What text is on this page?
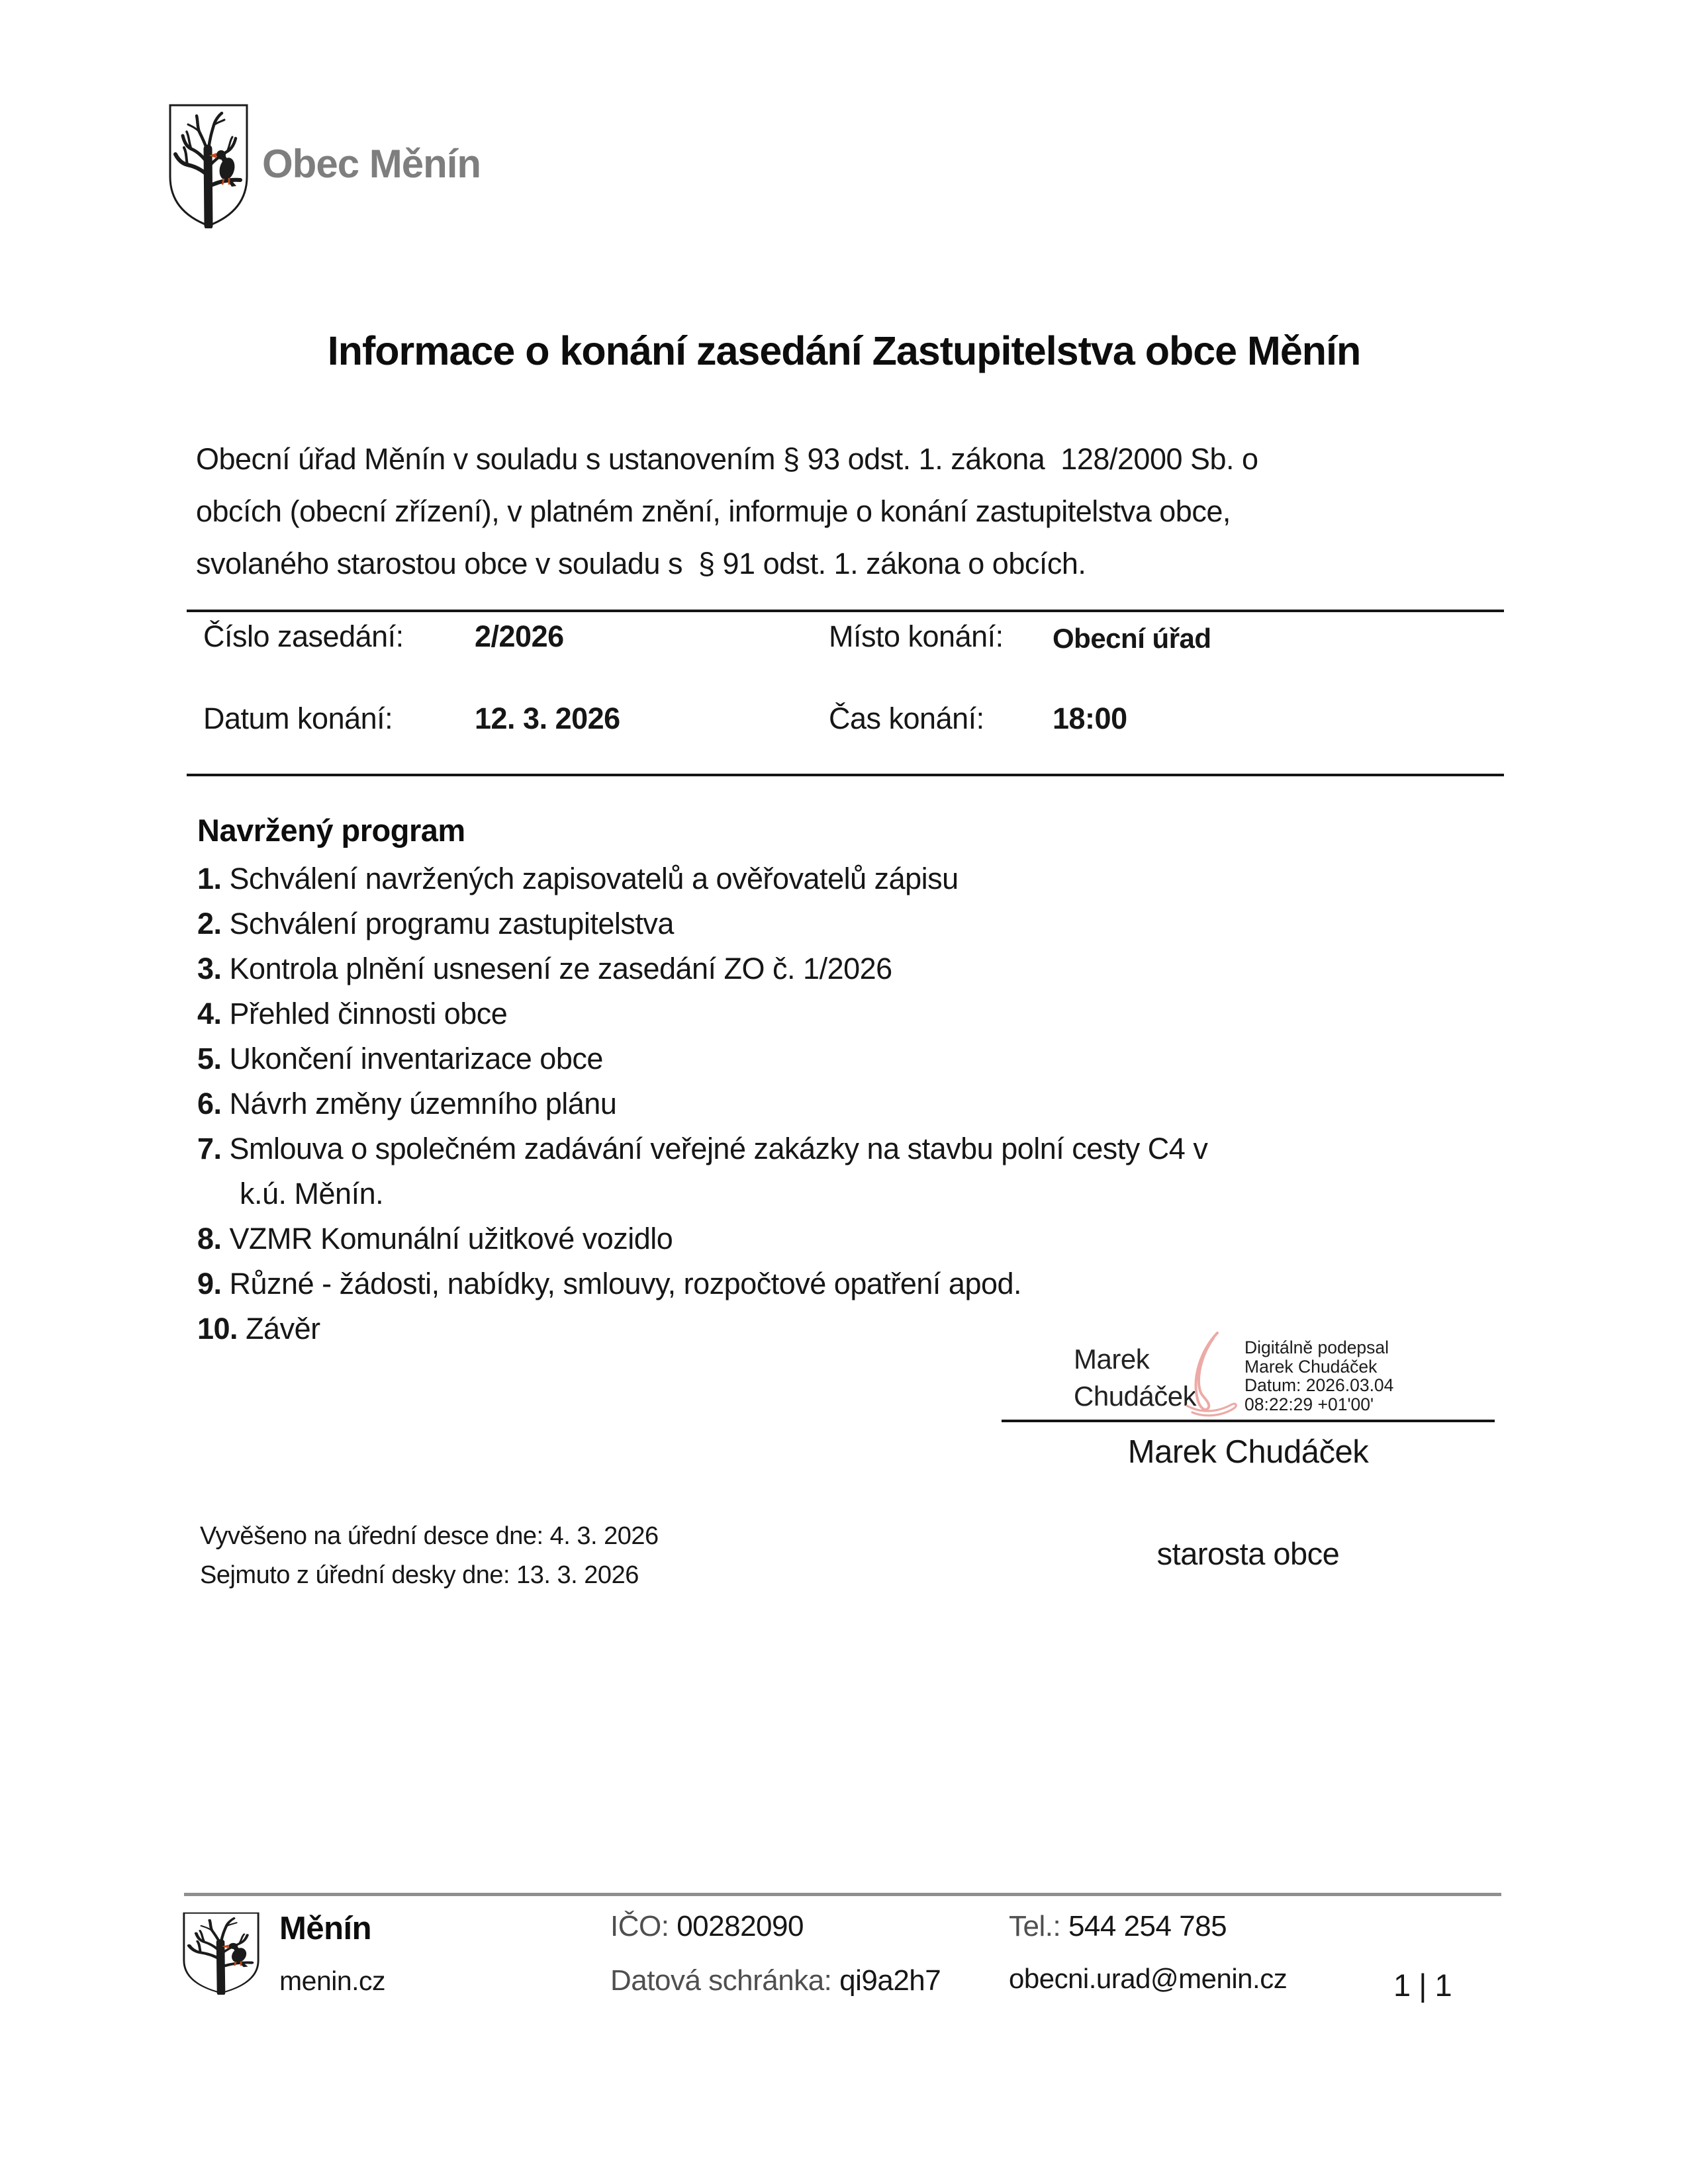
Obec Měnín
Informace o konání zasedání Zastupitelstva obce Měnín
Obecní úřad Měnín v souladu s ustanovením § 93 odst. 1. zákona  128/2000 Sb. o
obcích (obecní zřízení), v platném znění, informuje o konání zastupitelstva obce,
svolaného starostou obce v souladu s  § 91 odst. 1. zákona o obcích.
Číslo zasedání: 2/2026	Místo konání: Obecní úřad
Datum konání:	12. 3. 2026	Čas konání: 18:00
Navržený program
1. Schválení navržených zapisovatelů a ověřovatelů zápisu
2. Schválení programu zastupitelstva
3. Kontrola plnění usnesení ze zasedání ZO č. 1/2026
4. Přehled činnosti obce
5. Ukončení inventarizace obce
6. Návrh změny územního plánu
7. Smlouva o společném zadávání veřejné zakázky na stavbu polní cesty C4 v
k.ú. Měnín.
8. VZMR Komunální užitkové vozidlo
9. Různé - žádosti, nabídky, smlouvy, rozpočtové opatření apod.
10. Závěr
Marek
Chudáček
Digitálně podepsal
Marek Chudáček
Datum: 2026.03.04
08:22:29 +01'00'
Marek Chudáček
starosta obce
Vyvěšeno na úřední desce dne: 4. 3. 2026
Sejmuto z úřední desky dne: 13. 3. 2026
Měnín
menin.cz
IČO: 00282090
Datová schránka: qi9a2h7
Tel.: 544 254 785
obecni.urad@menin.cz	1 | 1
